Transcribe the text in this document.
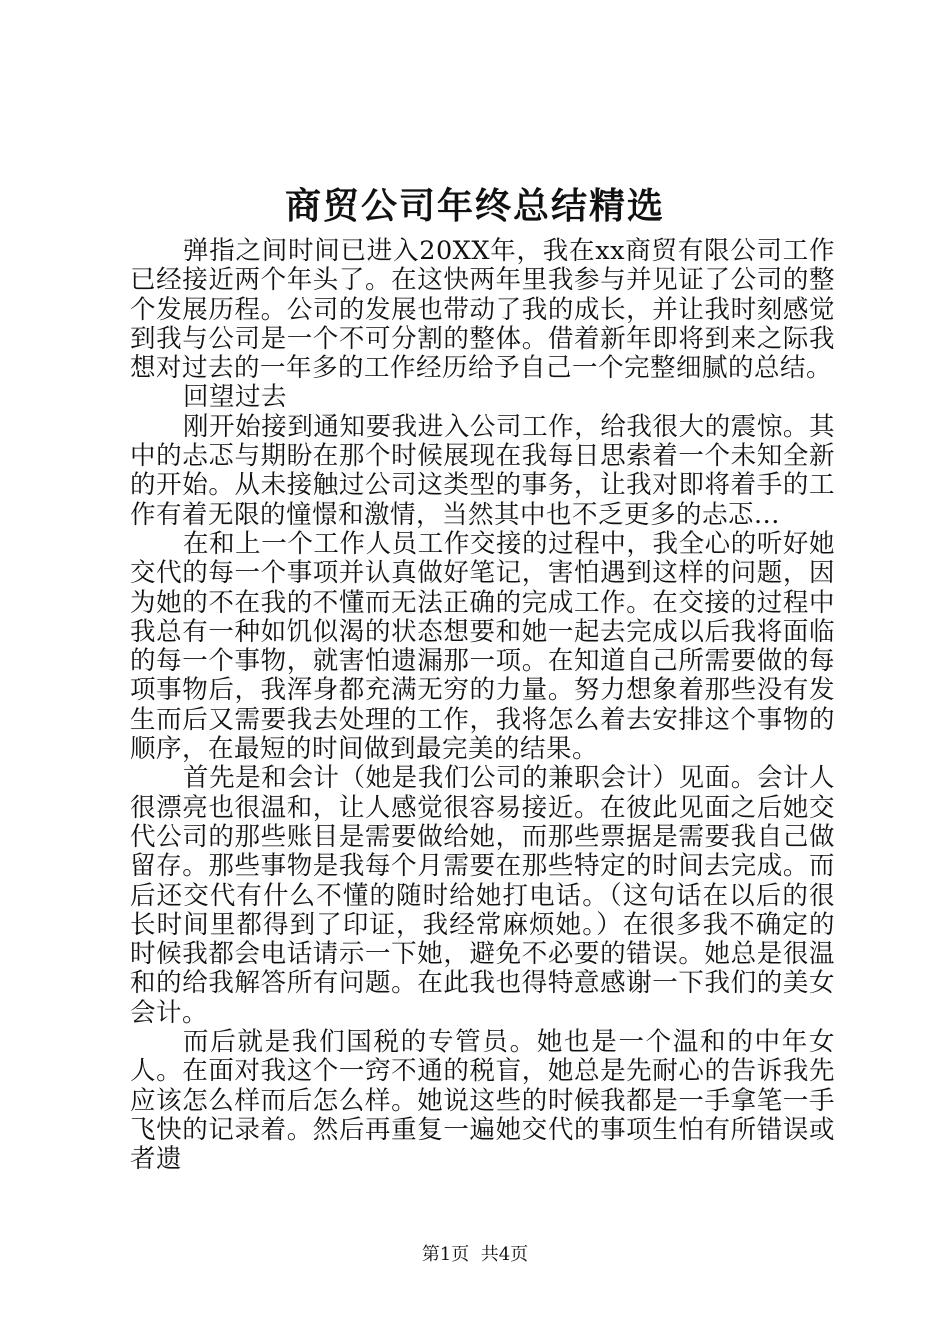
商贸公司年终总结精选

弹指之间时间已进入20XX年，我在xx商贸有限公司工作已经接近两个年头了。在这快两年里我参与并见证了公司的整个发展历程。公司的发展也带动了我的成长，并让我时刻感觉到我与公司是一个不可分割的整体。借着新年即将到来之际我想对过去的一年多的工作经历给予自己一个完整细腻的总结。

回望过去

刚开始接到通知要我进入公司工作，给我很大的震惊。其中的忐忑与期盼在那个时候展现在我每日思索着一个未知全新的开始。从未接触过公司这类型的事务，让我对即将着手的工作有着无限的憧憬和激情，当然其中也不乏更多的忐忑...

在和上一个工作人员工作交接的过程中，我全心的听好她交代的每一个事项并认真做好笔记，害怕遇到这样的问题，因为她的不在我的不懂而无法正确的完成工作。在交接的过程中我总有一种如饥似渴的状态想要和她一起去完成以后我将面临的每一个事物，就害怕遗漏那一项。在知道自己所需要做的每项事物后，我浑身都充满无穷的力量。努力想象着那些没有发生而后又需要我去处理的工作，我将怎么着去安排这个事物的顺序，在最短的时间做到最完美的结果。

首先是和会计（她是我们公司的兼职会计）见面。会计人很漂亮也很温和，让人感觉很容易接近。在彼此见面之后她交代公司的那些账目是需要做给她，而那些票据是需要我自己做留存。那些事物是我每个月需要在那些特定的时间去完成。而后还交代有什么不懂的随时给她打电话。（这句话在以后的很长时间里都得到了印证，我经常麻烦她。）在很多我不确定的时候我都会电话请示一下她，避免不必要的错误。她总是很温和的给我解答所有问题。在此我也得特意感谢一下我们的美女会计。

而后就是我们国税的专管员。她也是一个温和的中年女人。在面对我这个一窍不通的税盲，她总是先耐心的告诉我先应该怎么样而后怎么样。她说这些的时候我都是一手拿笔一手飞快的记录着。然后再重复一遍她交代的事项生怕有所错误或者遗

第1页 共4页
